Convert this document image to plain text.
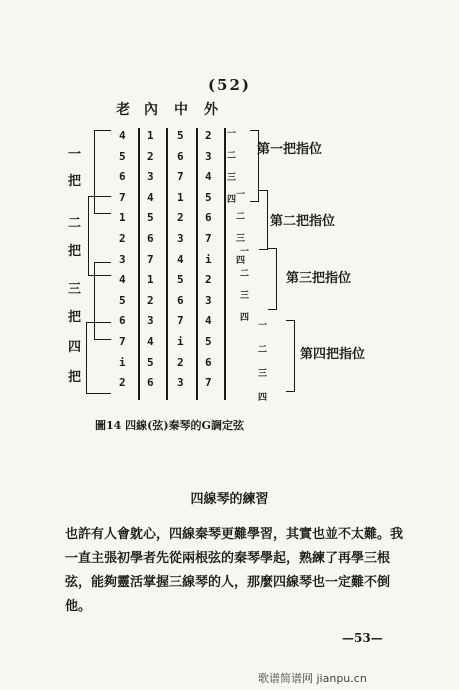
(52)
老 內 中 外
一
把
二
把
三
把
四
把
4
5
6
7
1
2
3
4
5
6
7
i
2
1
2
3
4
5
6
7
1
2
3
4
5
6
5
6
7
1
2
3
4
5
6
7
i
2
3
2
3
4
5
6
7
i
2
3
4
5
6
7
一
二
三
四 一
二
三
四
一
二
三
四
一
二
三
四
第一把指位
第二把指位
第三把指位
第四把指位
圖14 四線(弦)秦琴的G調定弦
四線琴的練習

也許有人會躭心，四線秦琴更難學習，其實也並不太難。我一直主張初學者先從兩根弦的秦琴學起，熟練了再學三根弦，能夠靈活掌握三線琴的人，那麼四線琴也一定難不倒他。

—53—
歌谱简谱网 jianpu.cn
